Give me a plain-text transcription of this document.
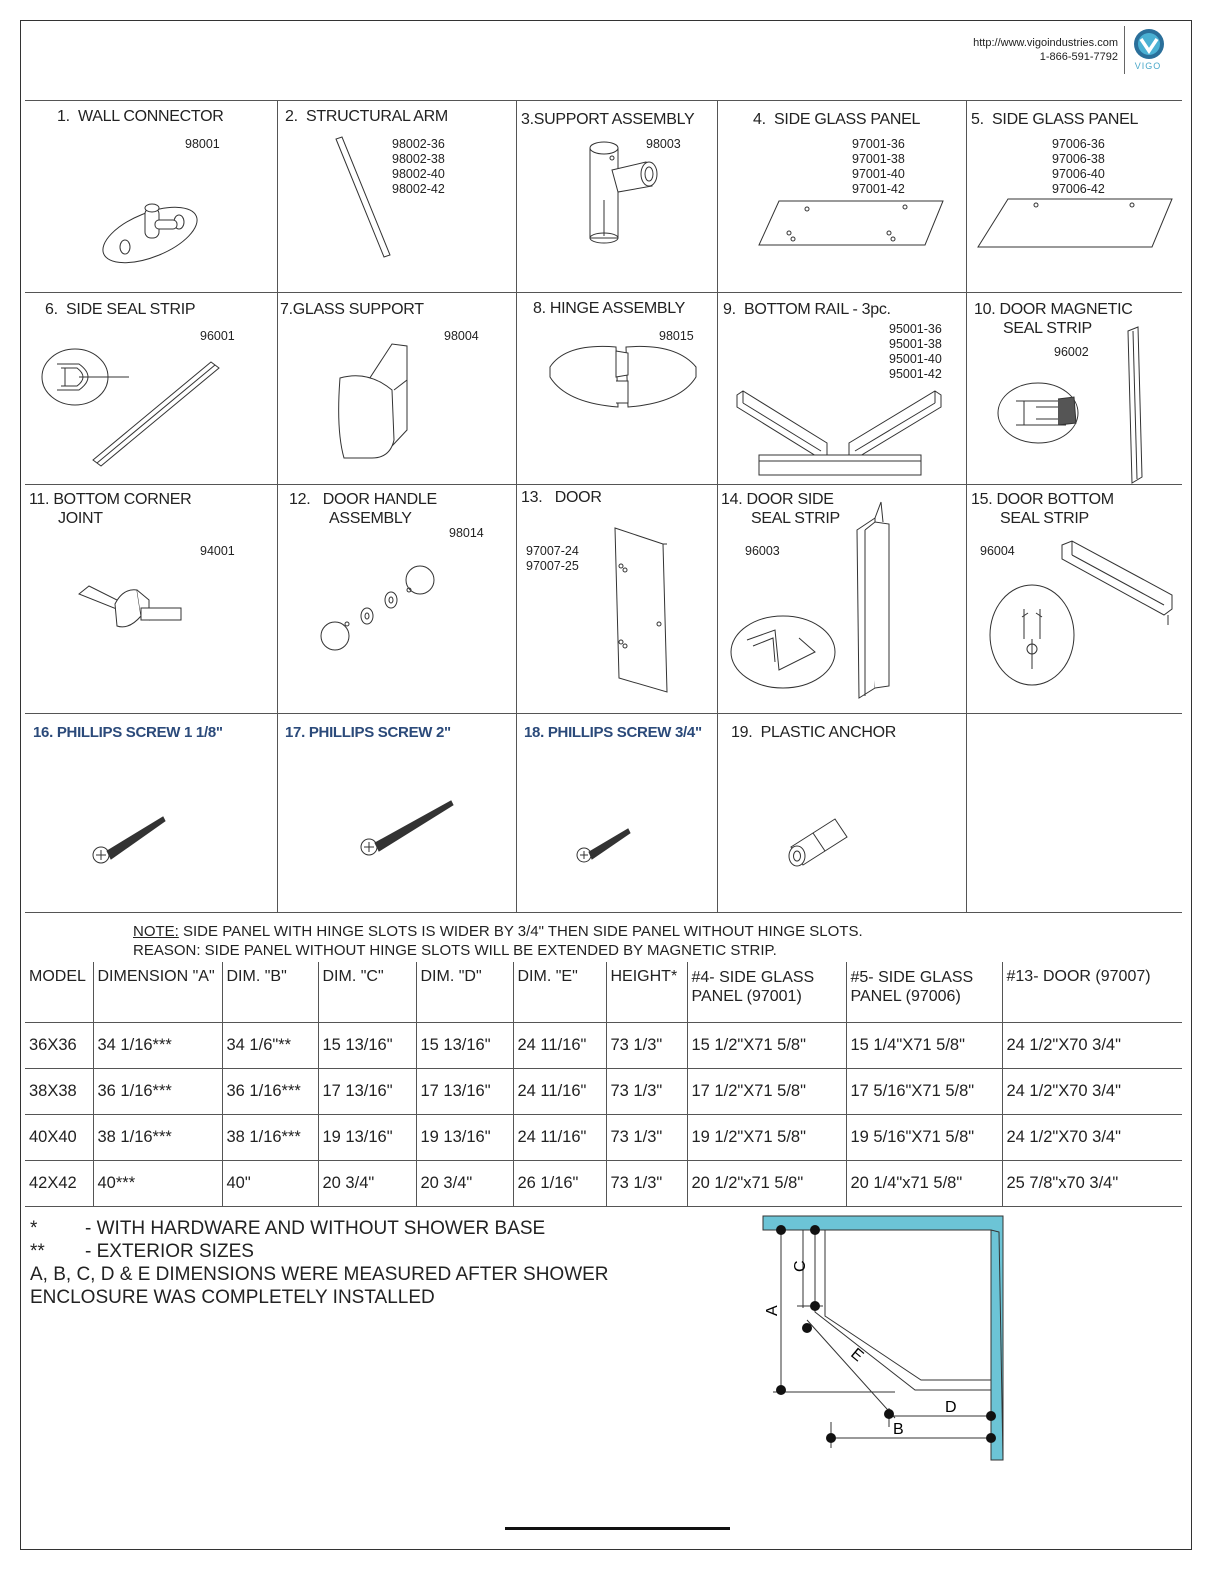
http://www.vigoindustries.com
1-866-591-7792
VIGO
1. WALL CONNECTOR
98001
2. STRUCTURAL ARM
98002-36
98002-38
98002-40
98002-42
3.SUPPORT ASSEMBLY
98003
4. SIDE GLASS PANEL
97001-36
97001-38
97001-40
97001-42
5. SIDE GLASS PANEL
97006-36
97006-38
97006-40
97006-42
6. SIDE SEAL STRIP
96001
7.GLASS SUPPORT
98004
8. HINGE ASSEMBLY
98015
9. BOTTOM RAIL - 3pc.
95001-36
95001-38
95001-40
95001-42
10. DOOR MAGNETIC
SEAL STRIP
96002
11. BOTTOM CORNER
JOINT
94001
12. DOOR HANDLE
ASSEMBLY
98014
13. DOOR
97007-24
97007-25
14. DOOR SIDE
SEAL STRIP
96003
15. DOOR BOTTOM
SEAL STRIP
96004
16. PHILLIPS SCREW 1 1/8"	17. PHILLIPS SCREW 2"	18. PHILLIPS SCREW 3/4" 19. PLASTIC ANCHOR
NOTE: SIDE PANEL WITH HINGE SLOTS IS WIDER BY 3/4" THEN SIDE PANEL WITHOUT HINGE SLOTS.
REASON: SIDE PANEL WITHOUT HINGE SLOTS WILL BE EXTENDED BY MAGNETIC STRIP.
MODEL	DIMENSION "A"	DIM. "B"	DIM. "C"	DIM. "D"	DIM. "E"	HEIGHT*	#4- SIDE GLASS PANEL (97001)	#5- SIDE GLASS PANEL (97006)	#13- DOOR (97007)
36X36	34 1/16***	34 1/6"**	15 13/16"	15 13/16"	24 11/16"	73 1/3"	15 1/2"X71 5/8"	15 1/4"X71 5/8"	24 1/2"X70 3/4"
38X38	36 1/16***	36 1/16***	17 13/16"	17 13/16"	24 11/16"	73 1/3"	17 1/2"X71 5/8"	17 5/16"X71 5/8"	24 1/2"X70 3/4"
40X40	38 1/16***	38 1/16***	19 13/16"	19 13/16"	24 11/16"	73 1/3"	19 1/2"X71 5/8"	19 5/16"X71 5/8"	24 1/2"X70 3/4"
42X42	40***	40"	20 3/4"	20 3/4"	26 1/16"	73 1/3"	20 1/2"x71 5/8"	20 1/4"x71 5/8"	25 7/8"x70 3/4"
*	- WITH HARDWARE AND WITHOUT SHOWER BASE
**	- EXTERIOR SIZES
A, B, C, D & E DIMENSIONS WERE MEASURED AFTER SHOWER
ENCLOSURE WAS COMPLETELY INSTALLED
A
C
E
D
B
